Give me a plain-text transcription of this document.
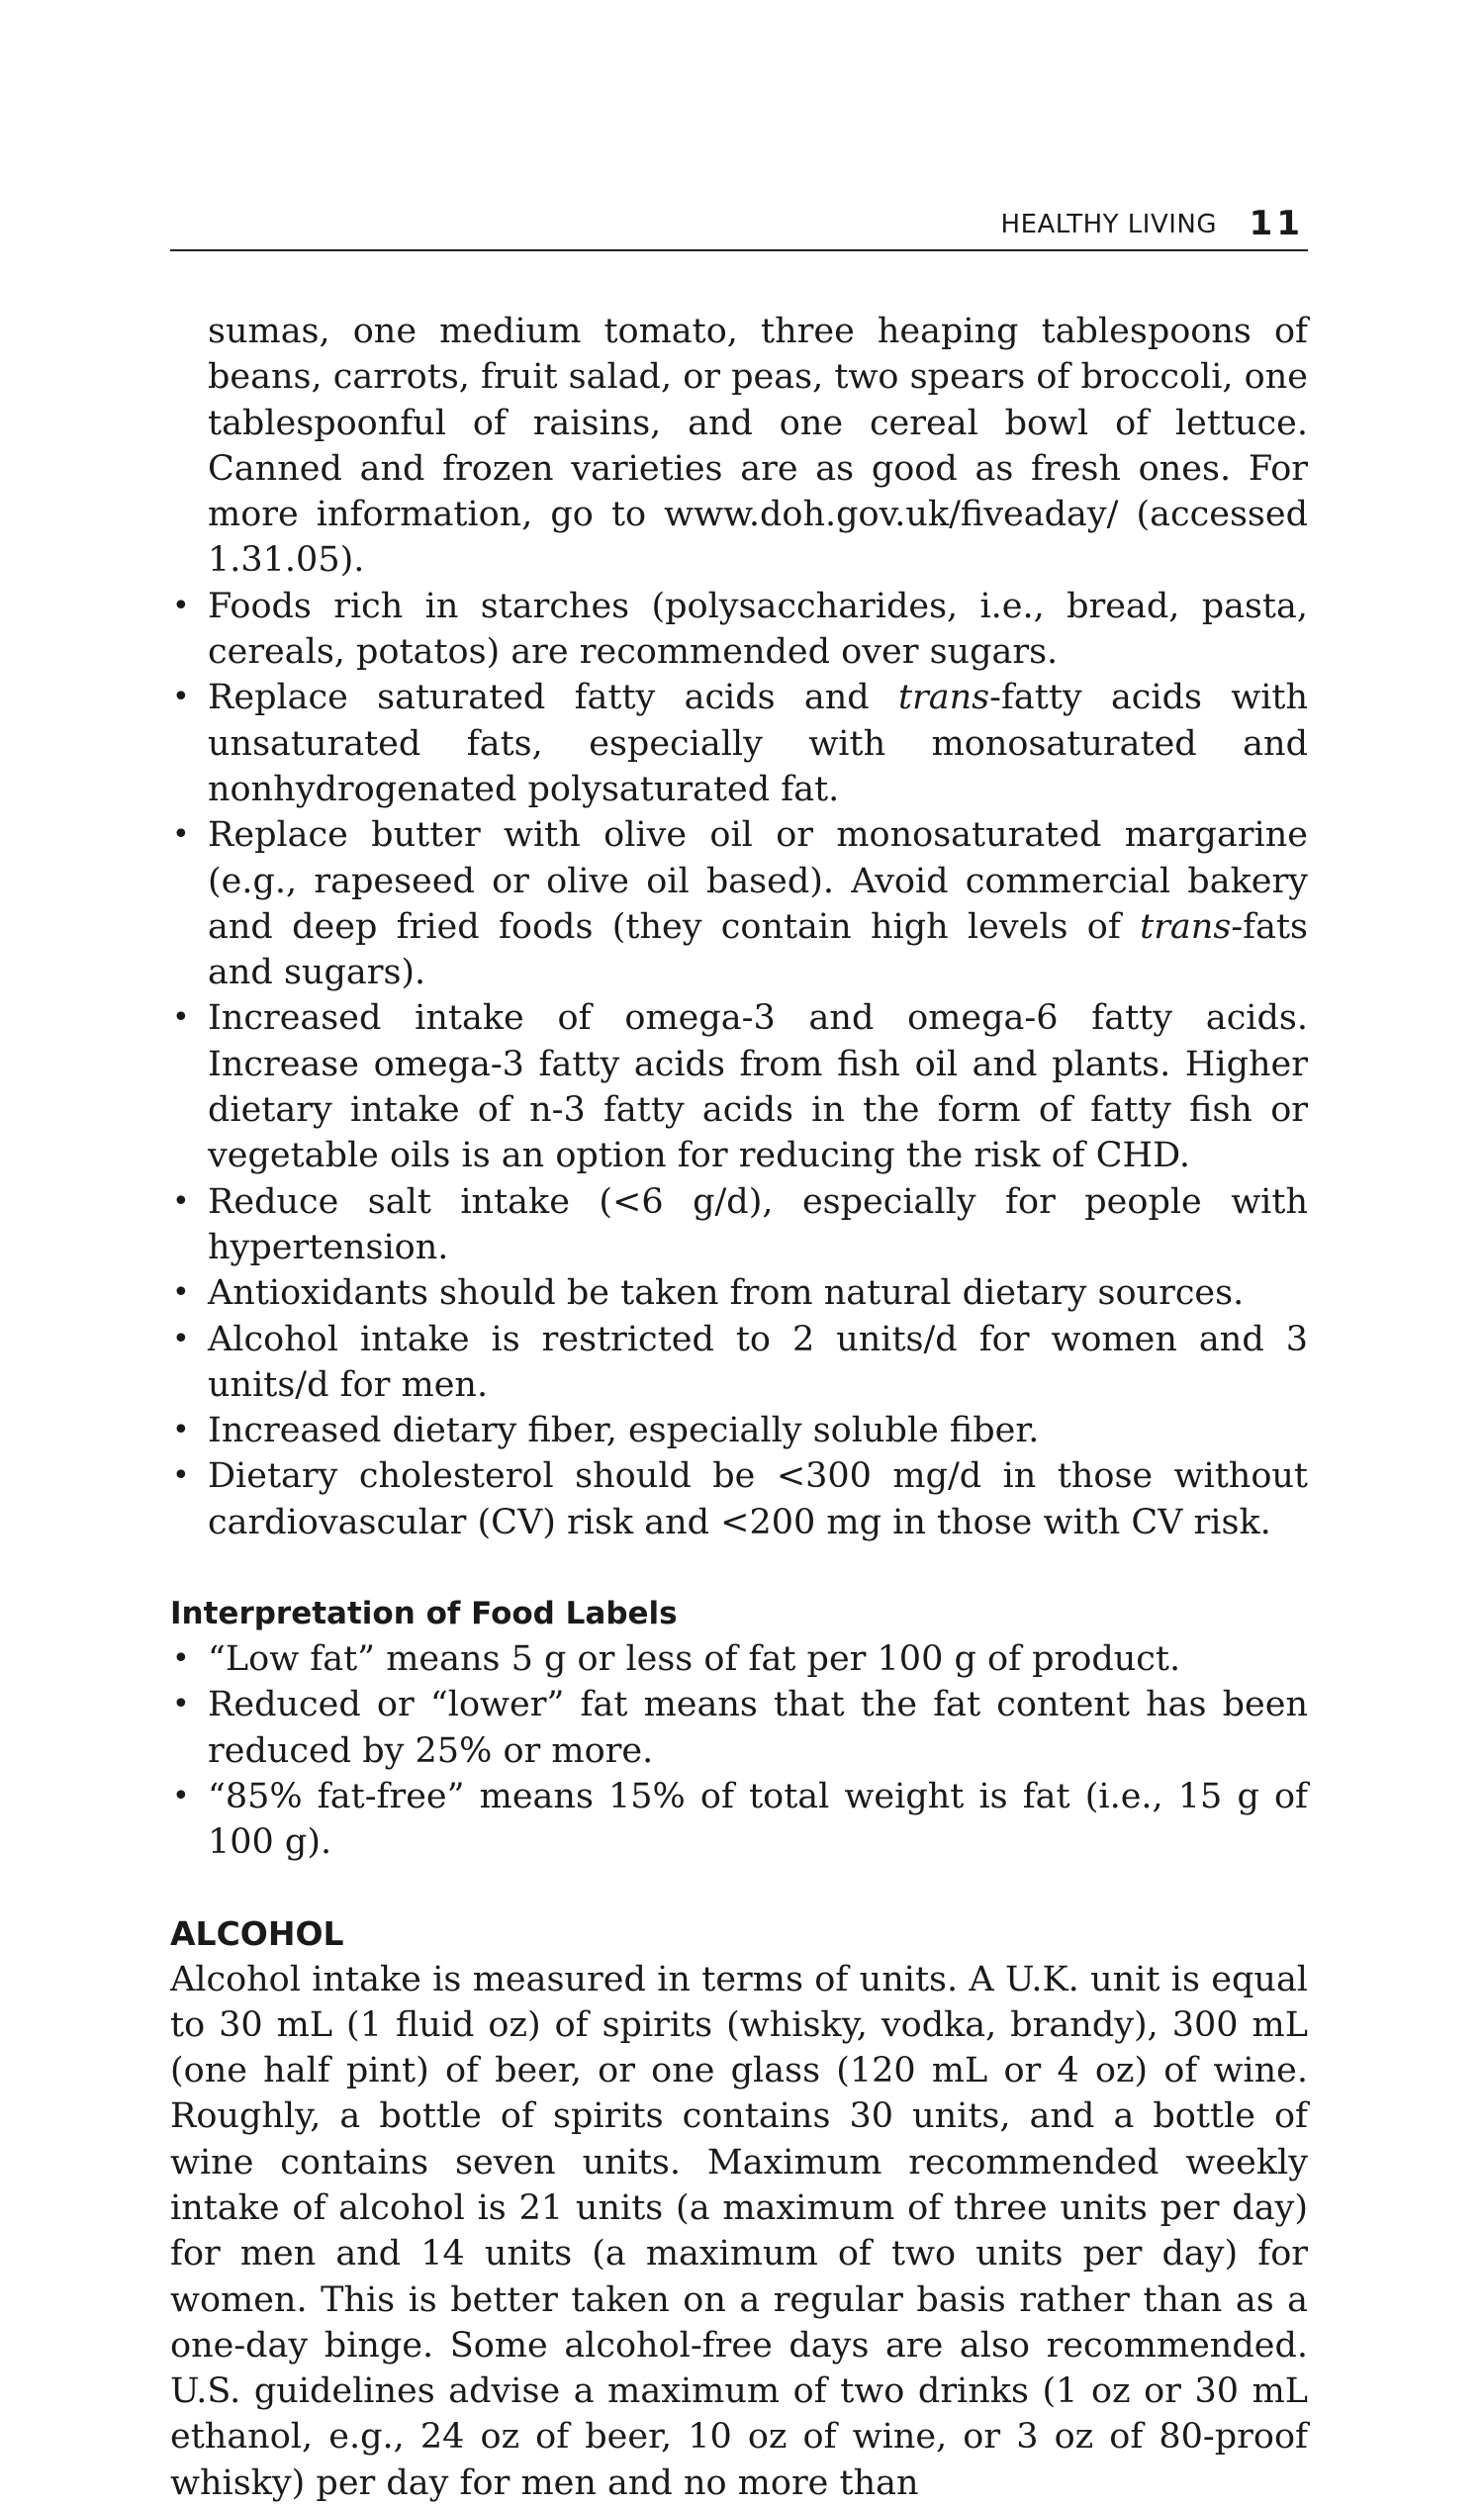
HEALTHY LIVING 11

sumas, one medium tomato, three heaping tablespoons of beans, carrots, fruit salad, or peas, two spears of broccoli, one tablespoonful of raisins, and one cereal bowl of lettuce. Canned and frozen varieties are as good as fresh ones. For more information, go to www.doh.gov.uk/fiveaday/ (accessed 1.31.05).

• Foods rich in starches (polysaccharides, i.e., bread, pasta, cereals, potatos) are recommended over sugars.
• Replace saturated fatty acids and trans-fatty acids with unsaturated fats, especially with monosaturated and nonhydrogenated polysaturated fat.
• Replace butter with olive oil or monosaturated margarine (e.g., rapeseed or olive oil based). Avoid commercial bakery and deep fried foods (they contain high levels of trans-fats and sugars).
• Increased intake of omega-3 and omega-6 fatty acids. Increase omega-3 fatty acids from fish oil and plants. Higher dietary intake of n-3 fatty acids in the form of fatty fish or vegetable oils is an option for reducing the risk of CHD.
• Reduce salt intake (<6 g/d), especially for people with hypertension.
• Antioxidants should be taken from natural dietary sources.
• Alcohol intake is restricted to 2 units/d for women and 3 units/d for men.
• Increased dietary fiber, especially soluble fiber.
• Dietary cholesterol should be <300 mg/d in those without cardiovascular (CV) risk and <200 mg in those with CV risk.
Interpretation of Food Labels
• “Low fat” means 5 g or less of fat per 100 g of product.
• Reduced or “lower” fat means that the fat content has been reduced by 25% or more.
• “85% fat-free” means 15% of total weight is fat (i.e., 15 g of 100 g).
ALCOHOL

Alcohol intake is measured in terms of units. A U.K. unit is equal to 30 mL (1 fluid oz) of spirits (whisky, vodka, brandy), 300 mL (one half pint) of beer, or one glass (120 mL or 4 oz) of wine. Roughly, a bottle of spirits contains 30 units, and a bottle of wine contains seven units. Maximum recommended weekly intake of alcohol is 21 units (a maximum of three units per day) for men and 14 units (a maximum of two units per day) for women. This is better taken on a regular basis rather than as a one-day binge. Some alcohol-free days are also recommended. U.S. guidelines advise a maximum of two drinks (1 oz or 30 mL ethanol, e.g., 24 oz of beer, 10 oz of wine, or 3 oz of 80-proof whisky) per day for men and no more than
